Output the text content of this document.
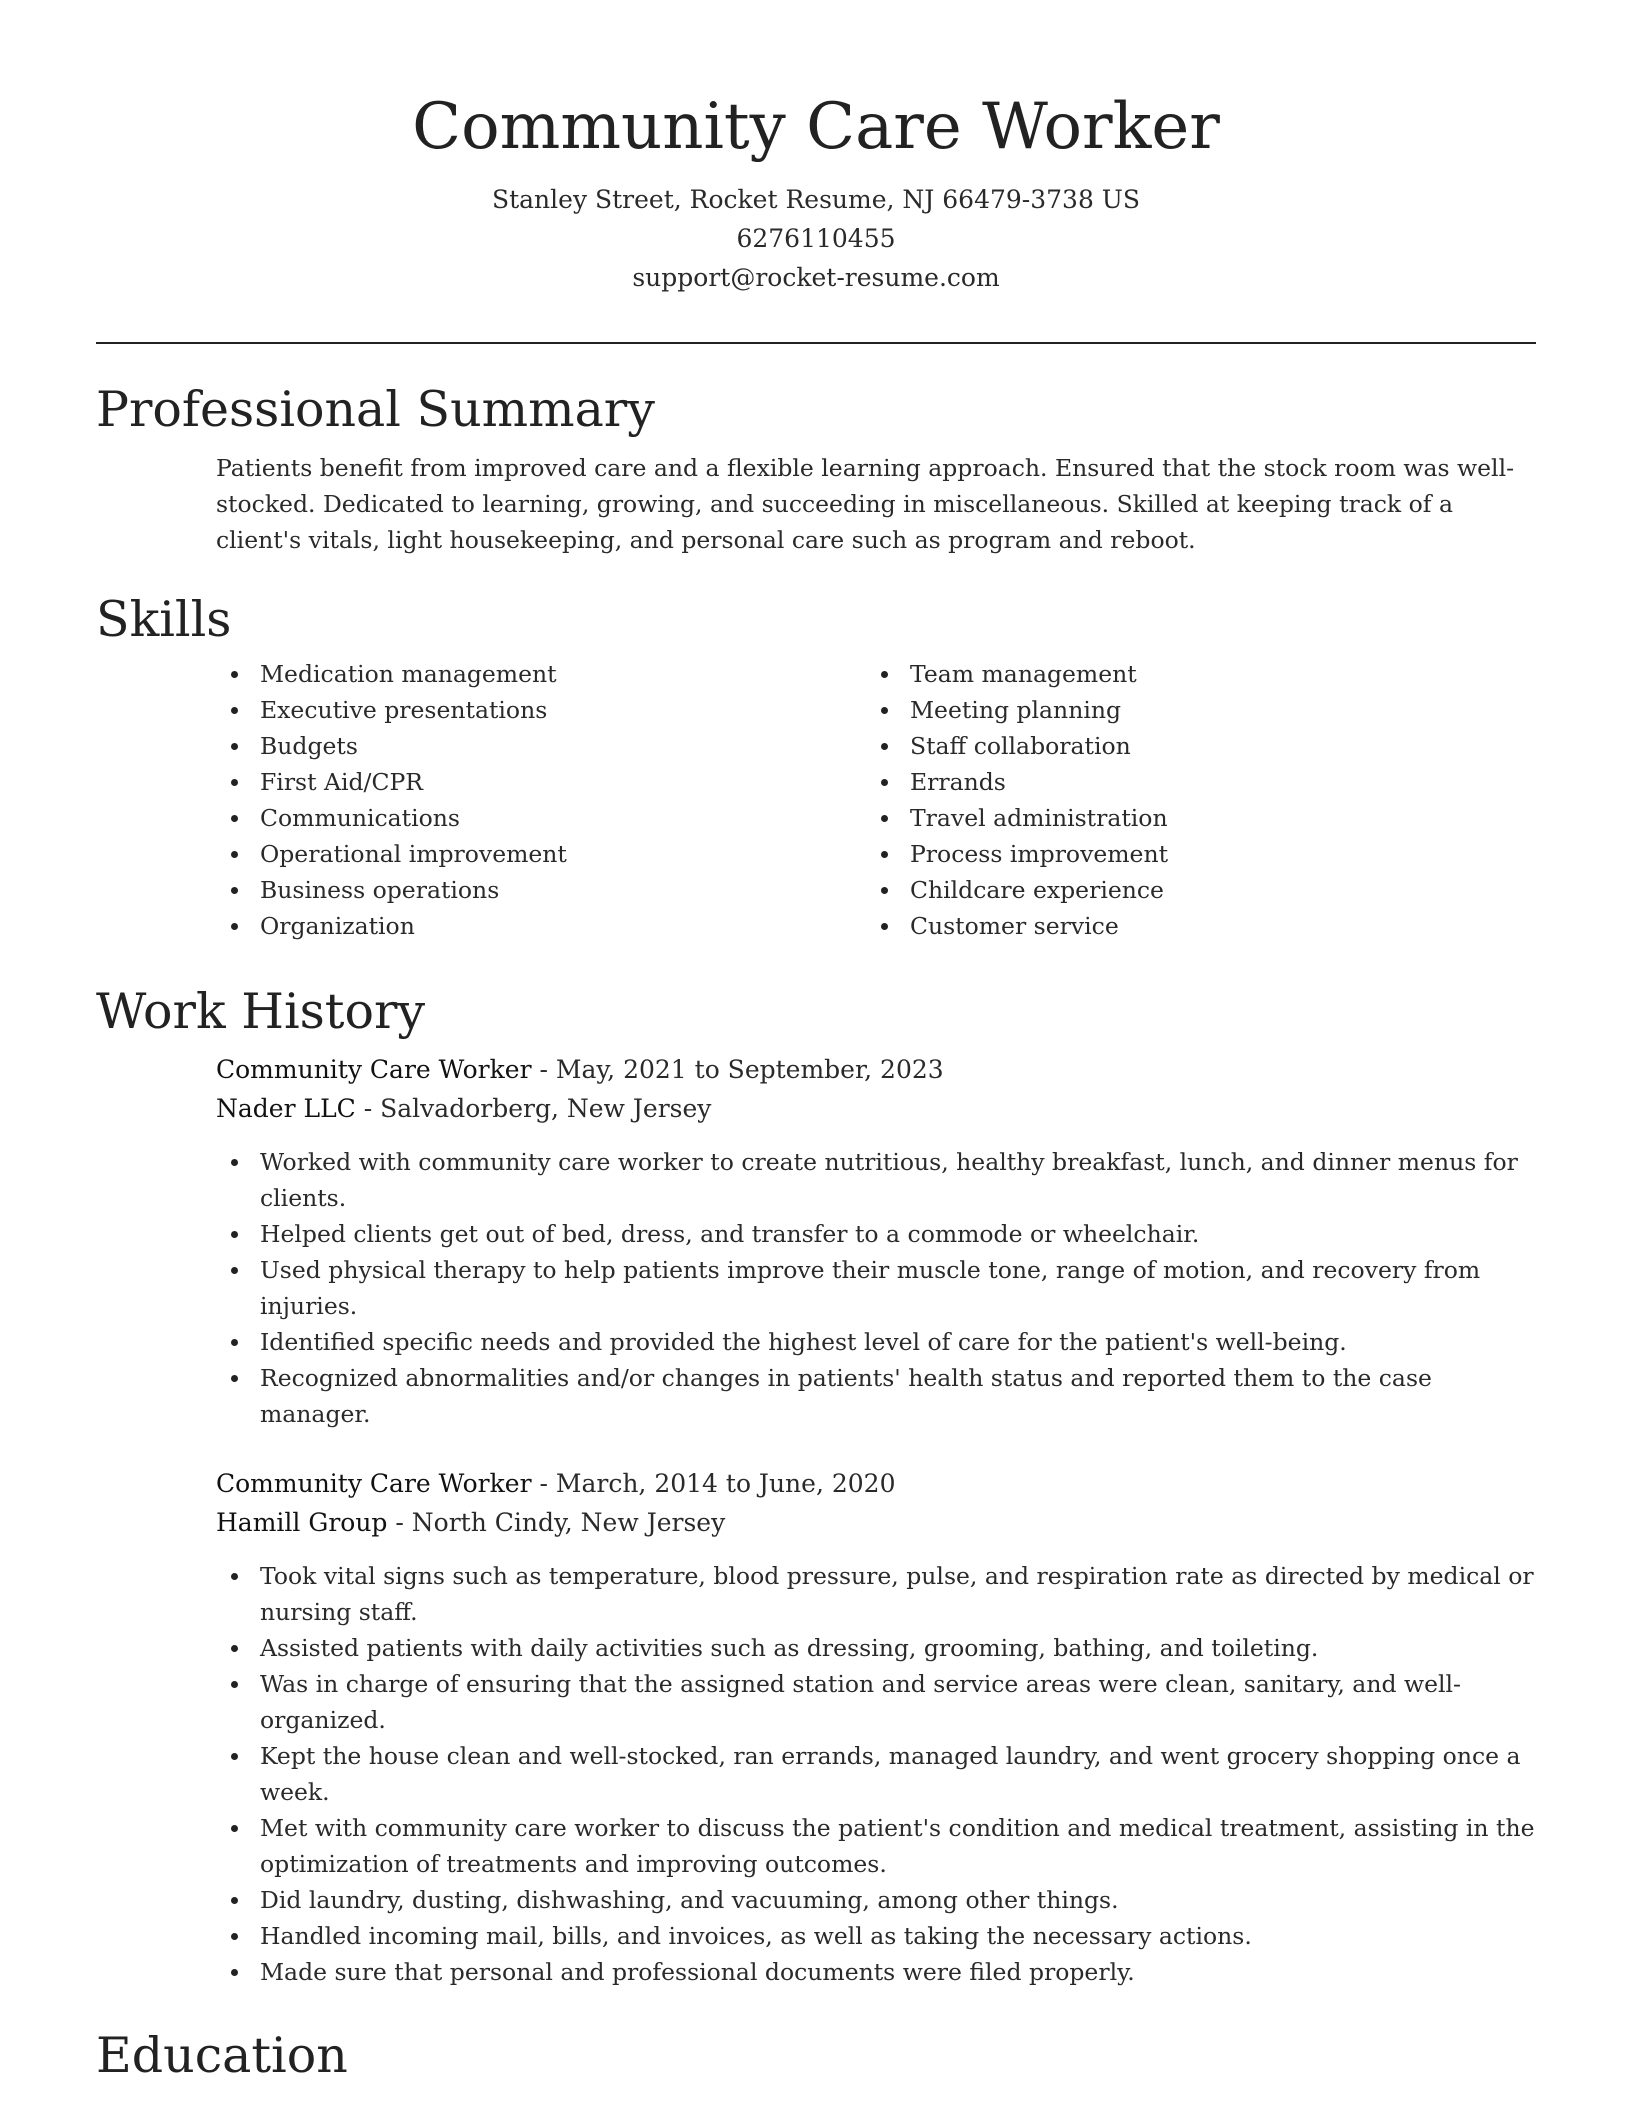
Community Care Worker
Stanley Street, Rocket Resume, NJ 66479-3738 US
6276110455
support@rocket-resume.com
Professional Summary

Patients benefit from improved care and a flexible learning approach. Ensured that the stock room was well-stocked. Dedicated to learning, growing, and succeeding in miscellaneous. Skilled at keeping track of a client's vitals, light housekeeping, and personal care such as program and reboot.

Skills
Medication management
Executive presentations
Budgets
First Aid/CPR
Communications
Operational improvement
Business operations
Organization
Team management
Meeting planning
Staff collaboration
Errands
Travel administration
Process improvement
Childcare experience
Customer service
Work History
Community Care Worker - May, 2021 to September, 2023
Nader LLC - Salvadorberg, New Jersey
Worked with community care worker to create nutritious, healthy breakfast, lunch, and dinner menus for clients.
Helped clients get out of bed, dress, and transfer to a commode or wheelchair.
Used physical therapy to help patients improve their muscle tone, range of motion, and recovery from injuries.
Identified specific needs and provided the highest level of care for the patient's well-being.
Recognized abnormalities and/or changes in patients' health status and reported them to the case manager.
Community Care Worker - March, 2014 to June, 2020
Hamill Group - North Cindy, New Jersey
Took vital signs such as temperature, blood pressure, pulse, and respiration rate as directed by medical or nursing staff.
Assisted patients with daily activities such as dressing, grooming, bathing, and toileting.
Was in charge of ensuring that the assigned station and service areas were clean, sanitary, and well-organized.
Kept the house clean and well-stocked, ran errands, managed laundry, and went grocery shopping once a week.
Met with community care worker to discuss the patient's condition and medical treatment, assisting in the optimization of treatments and improving outcomes.
Did laundry, dusting, dishwashing, and vacuuming, among other things.
Handled incoming mail, bills, and invoices, as well as taking the necessary actions.
Made sure that personal and professional documents were filed properly.
Education
